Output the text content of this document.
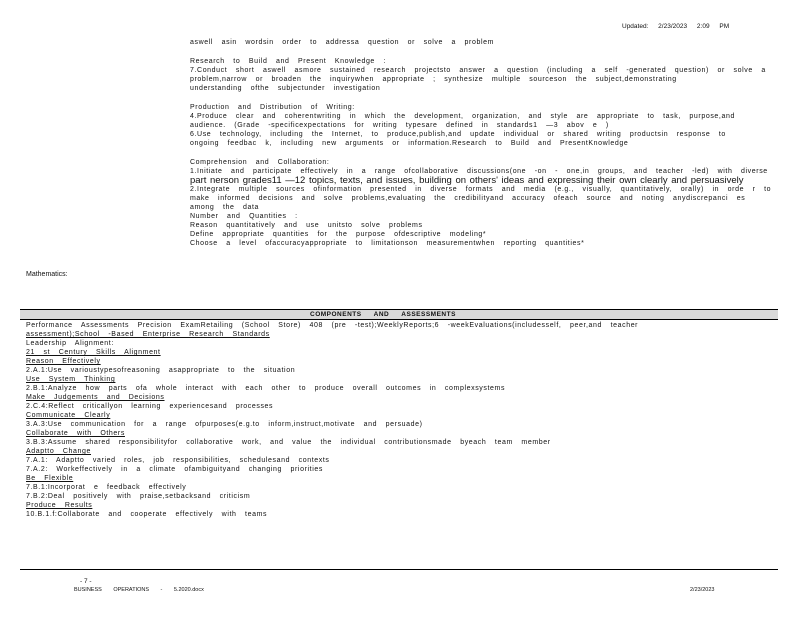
Updated: 2/23/2023 2:09 PM
aswell asin wordsin order to addressa question or solve a problem
Research to Build and Present Knowledge :
7.Conduct short aswell asmore sustained research projectsto answer a question (including a self -generated question) or solve a
problem,narrow or broaden the inquirywhen appropriate ; synthesize multiple sourceson the subject,demonstrating
understanding ofthe subjectunder investigation
Production and Distribution of Writing:
4.Produce clear and coherentwriting in which the development, organization, and style are appropriate to task, purpose,and
audience. (Grade -specificexpectations for writing typesare defined in standards1 —3 abov e )
6.Use technology, including the Internet, to produce,publish,and update individual or shared writing productsin response to
ongoing feedbac k, including new arguments or information.Research to Build and PresentKnowledge
Comprehension and Collaboration:
1.Initiate and participate effectively in a range ofcollaborative discussions(one -on - one,in groups, and teacher -led) with diverse
part nerson grades11 —12 topics, texts, and issues, building on others' ideas and expressing their own clearly and persuasively
2.Integrate multiple sources ofinformation presented in diverse formats and media (e.g., visually, quantitatively, orally) in orde r to
make informed decisions and solve problems,evaluating the credibilityand accuracy ofeach source and noting anydiscrepanci es
among the data
Number and Quantities :
Reason quantitatively and use unitsto solve problems
Define appropriate quantities for the purpose ofdescriptive modeling*
Choose a level ofaccuracyappropriate to limitationson measurementwhen reporting quantities*
Mathematics:
COMPONENTS AND ASSESSMENTS
Performance Assessments Precision ExamRetailing (School Store) 408 (pre -test);WeeklyReports;6 -weekEvaluations(includesself, peer,and teacher
assessment);School -Based Enterprise Research Standards
Leadership Alignment:
21 st Century Skills Alignment
Reason Effectively
2.A.1:Use varioustypesofreasoning asappropriate to the situation
Use System Thinking
2.B.1:Analyze how parts ofa whole interact with each other to produce overall outcomes in complexsystems
Make Judgements and Decisions
2.C.4:Reflect criticallyon learning experiencesand processes
Communicate Clearly
3.A.3:Use communication for a range ofpurposes(e.g.to inform,instruct,motivate and persuade)
Collaborate with Others
3.B.3:Assume shared responsibilityfor collaborative work, and value the individual contributionsmade byeach team member
Adaptto Change
7.A.1: Adaptto varied roles, job responsibilities, schedulesand contexts
7.A.2: Workeffectively in a climate ofambiguityand changing priorities
Be Flexible
7.B.1:Incorporat e feedback effectively
7.B.2:Deal positively with praise,setbacksand criticism
Produce Results
10.B.1.f:Collaborate and cooperate effectively with teams
- 7 -
BUSINESS OPERATIONS - 5.2020.docx	2/23/2023
